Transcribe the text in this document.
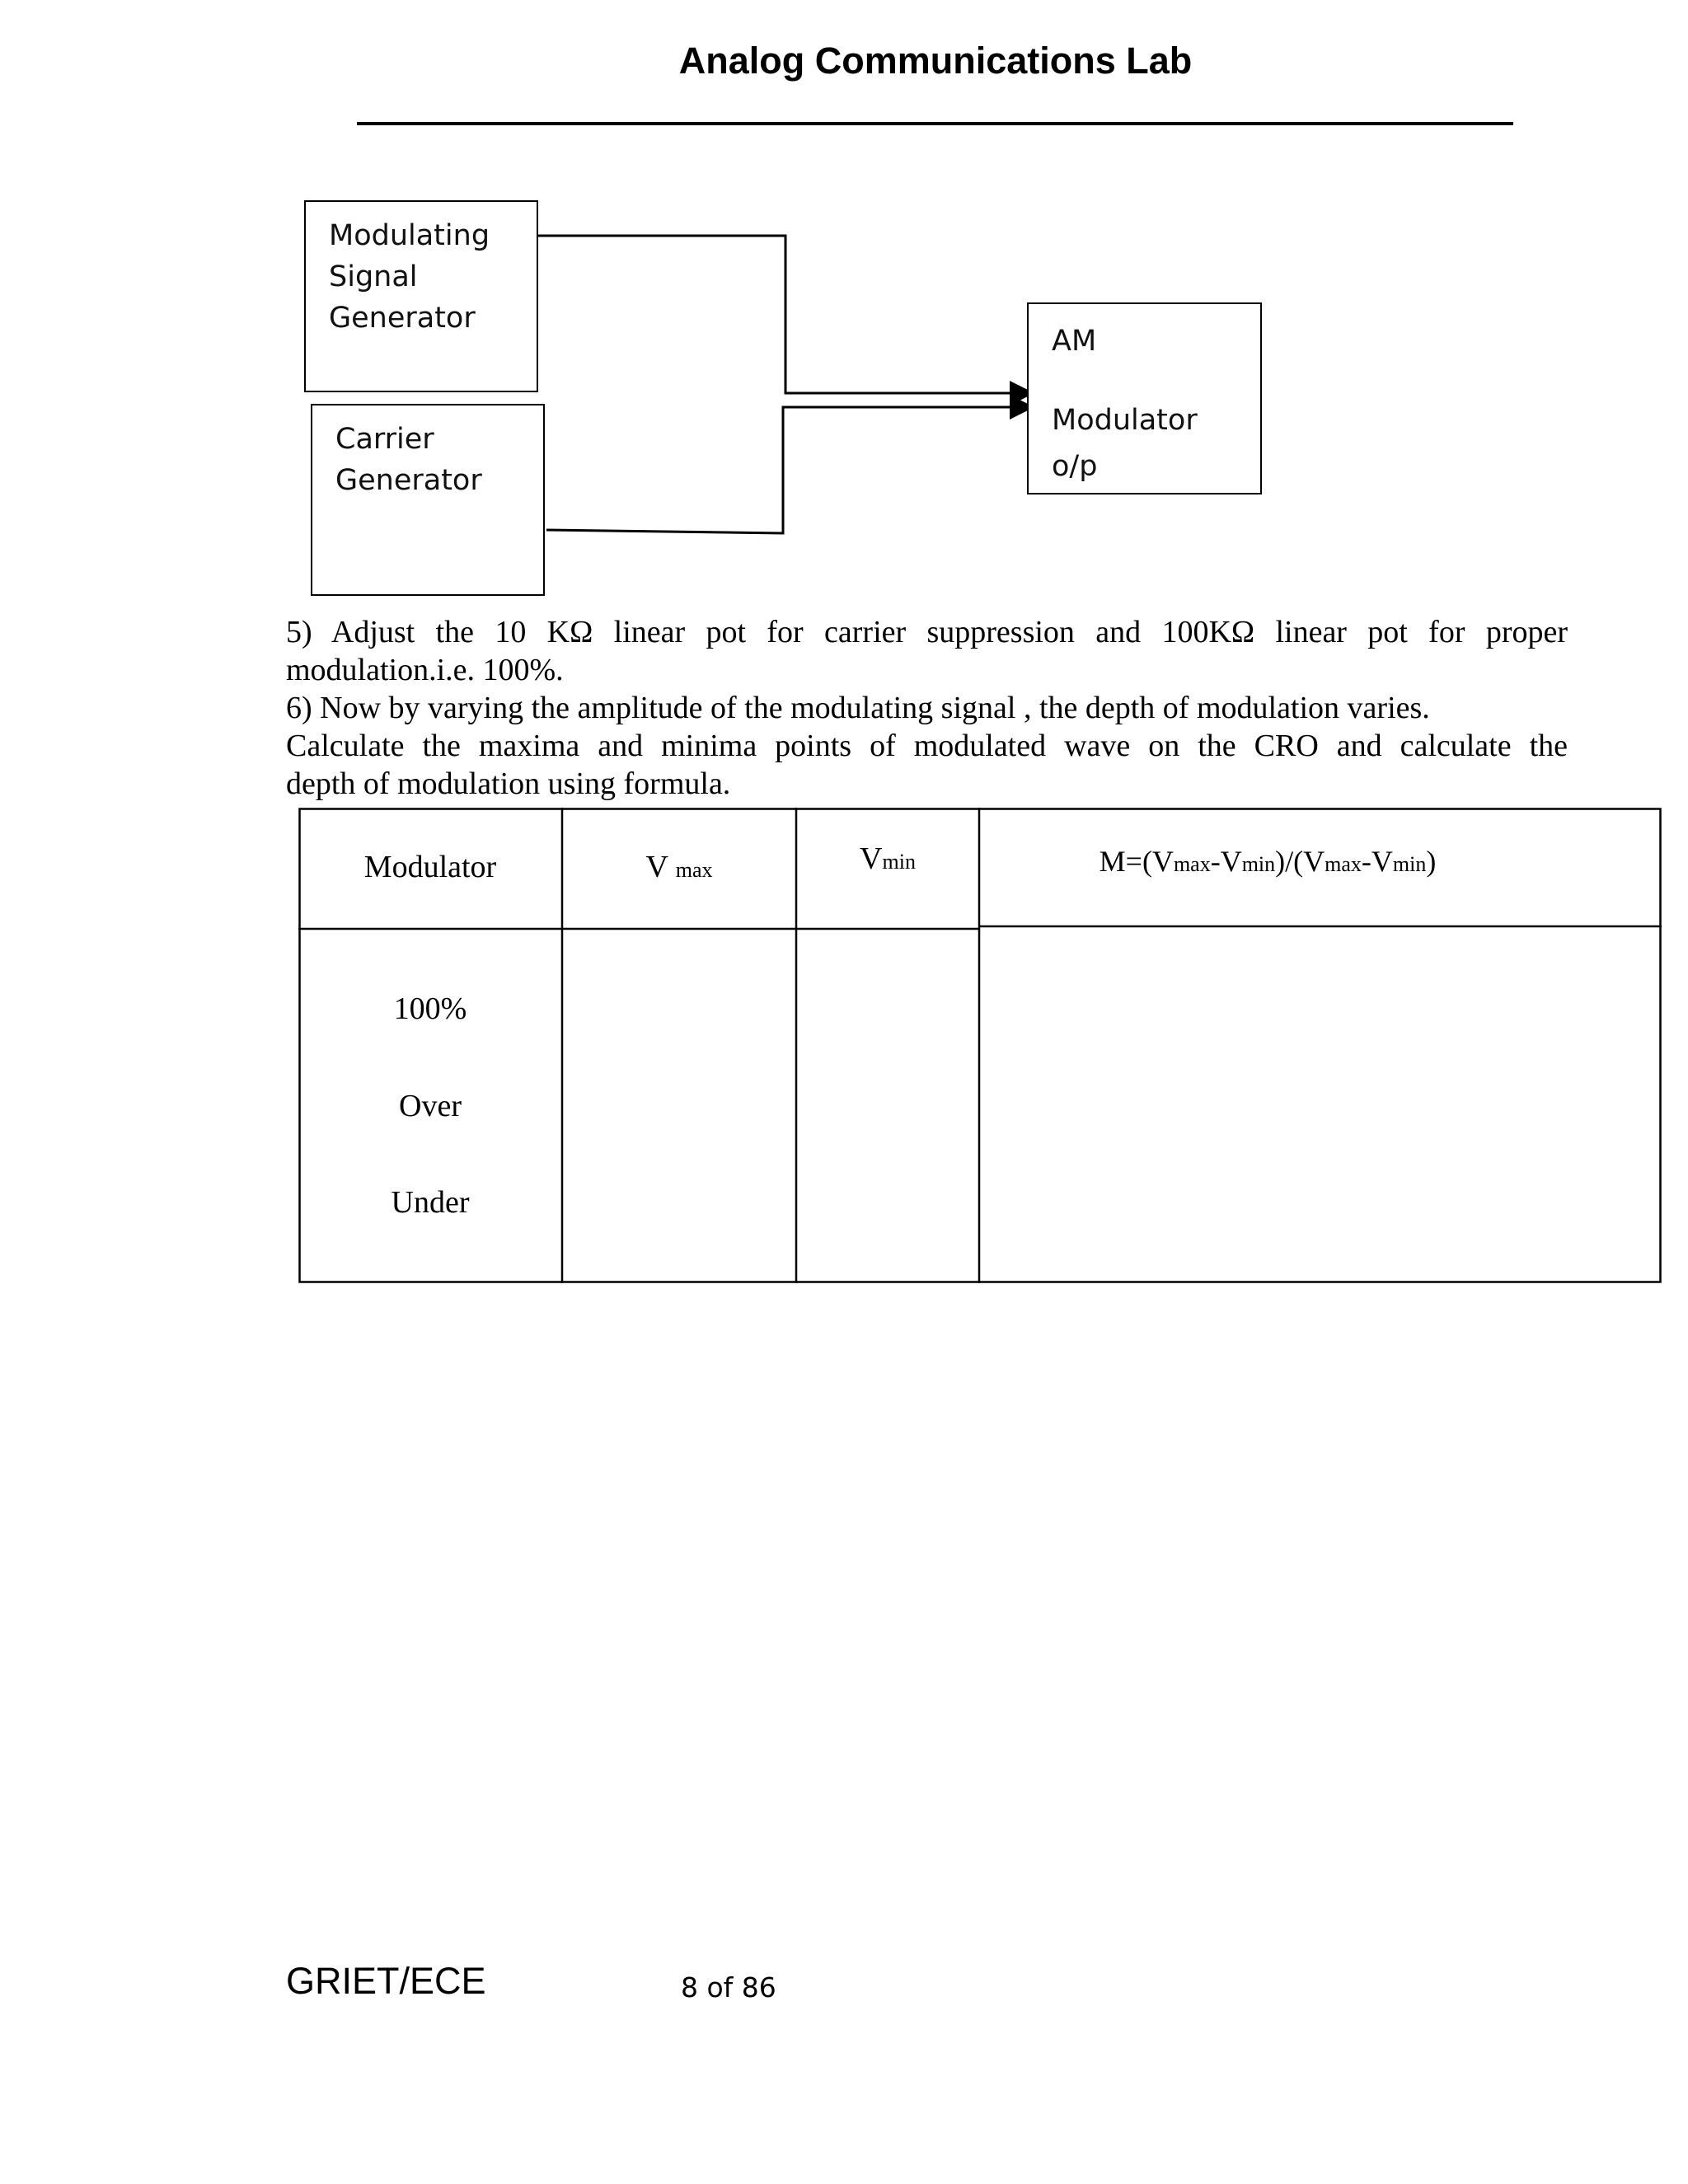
Analog Communications Lab
Modulating
Signal
Generator
Carrier
Generator
AM
Modulator
o/p
5) Adjust the 10 KΩ linear pot for carrier suppression and 100KΩ linear pot for proper
modulation.i.e. 100%.
6) Now by varying the amplitude of the modulating signal , the depth of modulation varies.
Calculate the maxima and minima points of modulated wave on the CRO and calculate the
depth of modulation using formula.
Modulator	V max	Vmin	M=(Vmax-Vmin)/(Vmax-Vmin)
100%
Over
Under
GRIET/ECE	8 of 86
